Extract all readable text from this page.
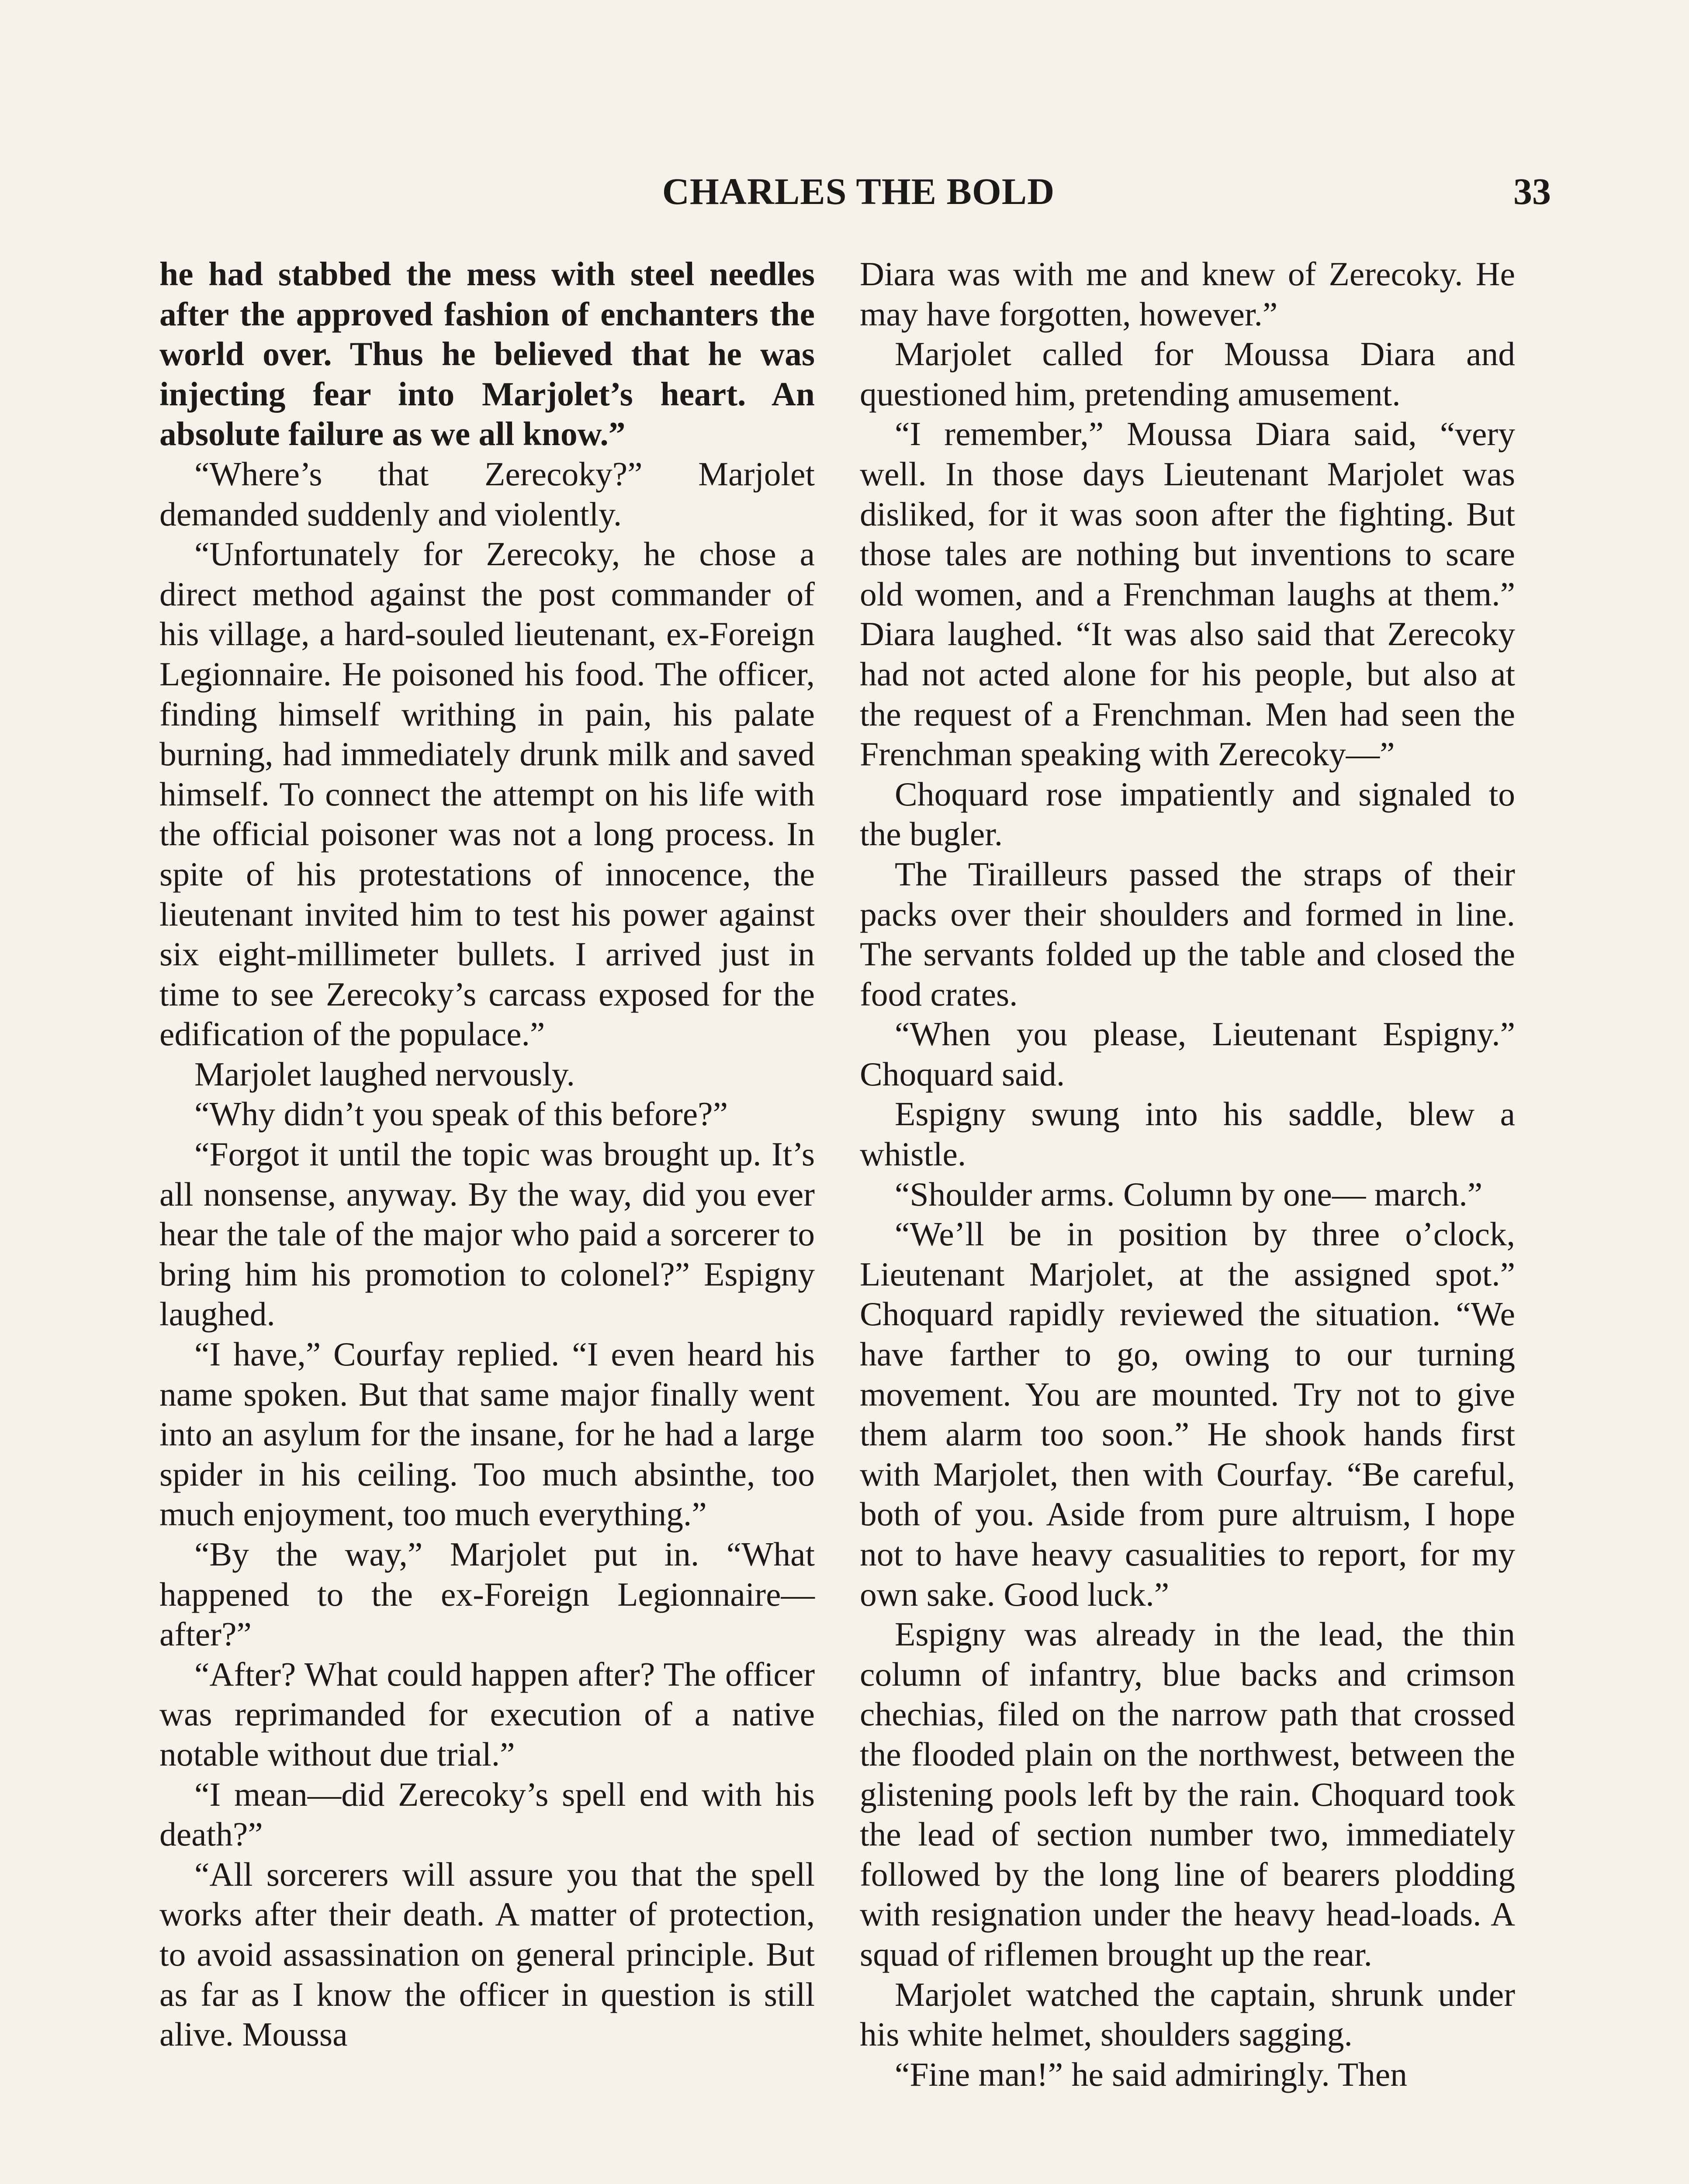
CHARLES THE BOLD	33

he had stabbed the mess with steel needles after the approved fashion of enchanters the world over. Thus he believed that he was injecting fear into Marjolet’s heart. An absolute failure as we all know.”

“Where’s that Zerecoky?” Marjolet demanded suddenly and violently.

“Unfortunately for Zerecoky, he chose a direct method against the post commander of his village, a hard-souled lieutenant, ex-Foreign Legionnaire. He poisoned his food. The officer, finding himself writhing in pain, his palate burning, had immediately drunk milk and saved himself. To connect the attempt on his life with the official poisoner was not a long process. In spite of his protestations of innocence, the lieutenant invited him to test his power against six eight-millimeter bullets. I arrived just in time to see Zerecoky’s carcass exposed for the edification of the populace.”

Marjolet laughed nervously.

“Why didn’t you speak of this before?”

“Forgot it until the topic was brought up. It’s all nonsense, anyway. By the way, did you ever hear the tale of the major who paid a sorcerer to bring him his promotion to colonel?” Espigny laughed.

“I have,” Courfay replied. “I even heard his name spoken. But that same major finally went into an asylum for the insane, for he had a large spider in his ceiling. Too much absinthe, too much enjoyment, too much everything.”

“By the way,” Marjolet put in. “What happened to the ex-Foreign Legionnaire—after?”

“After? What could happen after? The officer was reprimanded for execution of a native notable without due trial.”

“I mean—did Zerecoky’s spell end with his death?”

“All sorcerers will assure you that the spell works after their death. A matter of protection, to avoid assassination on general principle. But as far as I know the officer in question is still alive. Moussa

Diara was with me and knew of Zerecoky. He may have forgotten, however.”

Marjolet called for Moussa Diara and questioned him, pretending amusement.

“I remember,” Moussa Diara said, “very well. In those days Lieutenant Marjolet was disliked, for it was soon after the fighting. But those tales are nothing but inventions to scare old women, and a Frenchman laughs at them.” Diara laughed. “It was also said that Zerecoky had not acted alone for his people, but also at the request of a Frenchman. Men had seen the Frenchman speaking with Zerecoky—”

Choquard rose impatiently and signaled to the bugler.

The Tirailleurs passed the straps of their packs over their shoulders and formed in line. The servants folded up the table and closed the food crates.

“When you please, Lieutenant Espigny.” Choquard said.

Espigny swung into his saddle, blew a whistle.

“Shoulder arms. Column by one— march.”

“We’ll be in position by three o’clock, Lieutenant Marjolet, at the assigned spot.” Choquard rapidly reviewed the situation. “We have farther to go, owing to our turning movement. You are mounted. Try not to give them alarm too soon.” He shook hands first with Marjolet, then with Courfay. “Be careful, both of you. Aside from pure altruism, I hope not to have heavy casualities to report, for my own sake. Good luck.”

Espigny was already in the lead, the thin column of infantry, blue backs and crimson chechias, filed on the narrow path that crossed the flooded plain on the northwest, between the glistening pools left by the rain. Choquard took the lead of section number two, immediately followed by the long line of bearers plodding with resignation under the heavy head-loads. A squad of riflemen brought up the rear.

Marjolet watched the captain, shrunk under his white helmet, shoulders sagging.

“Fine man!” he said admiringly. Then
